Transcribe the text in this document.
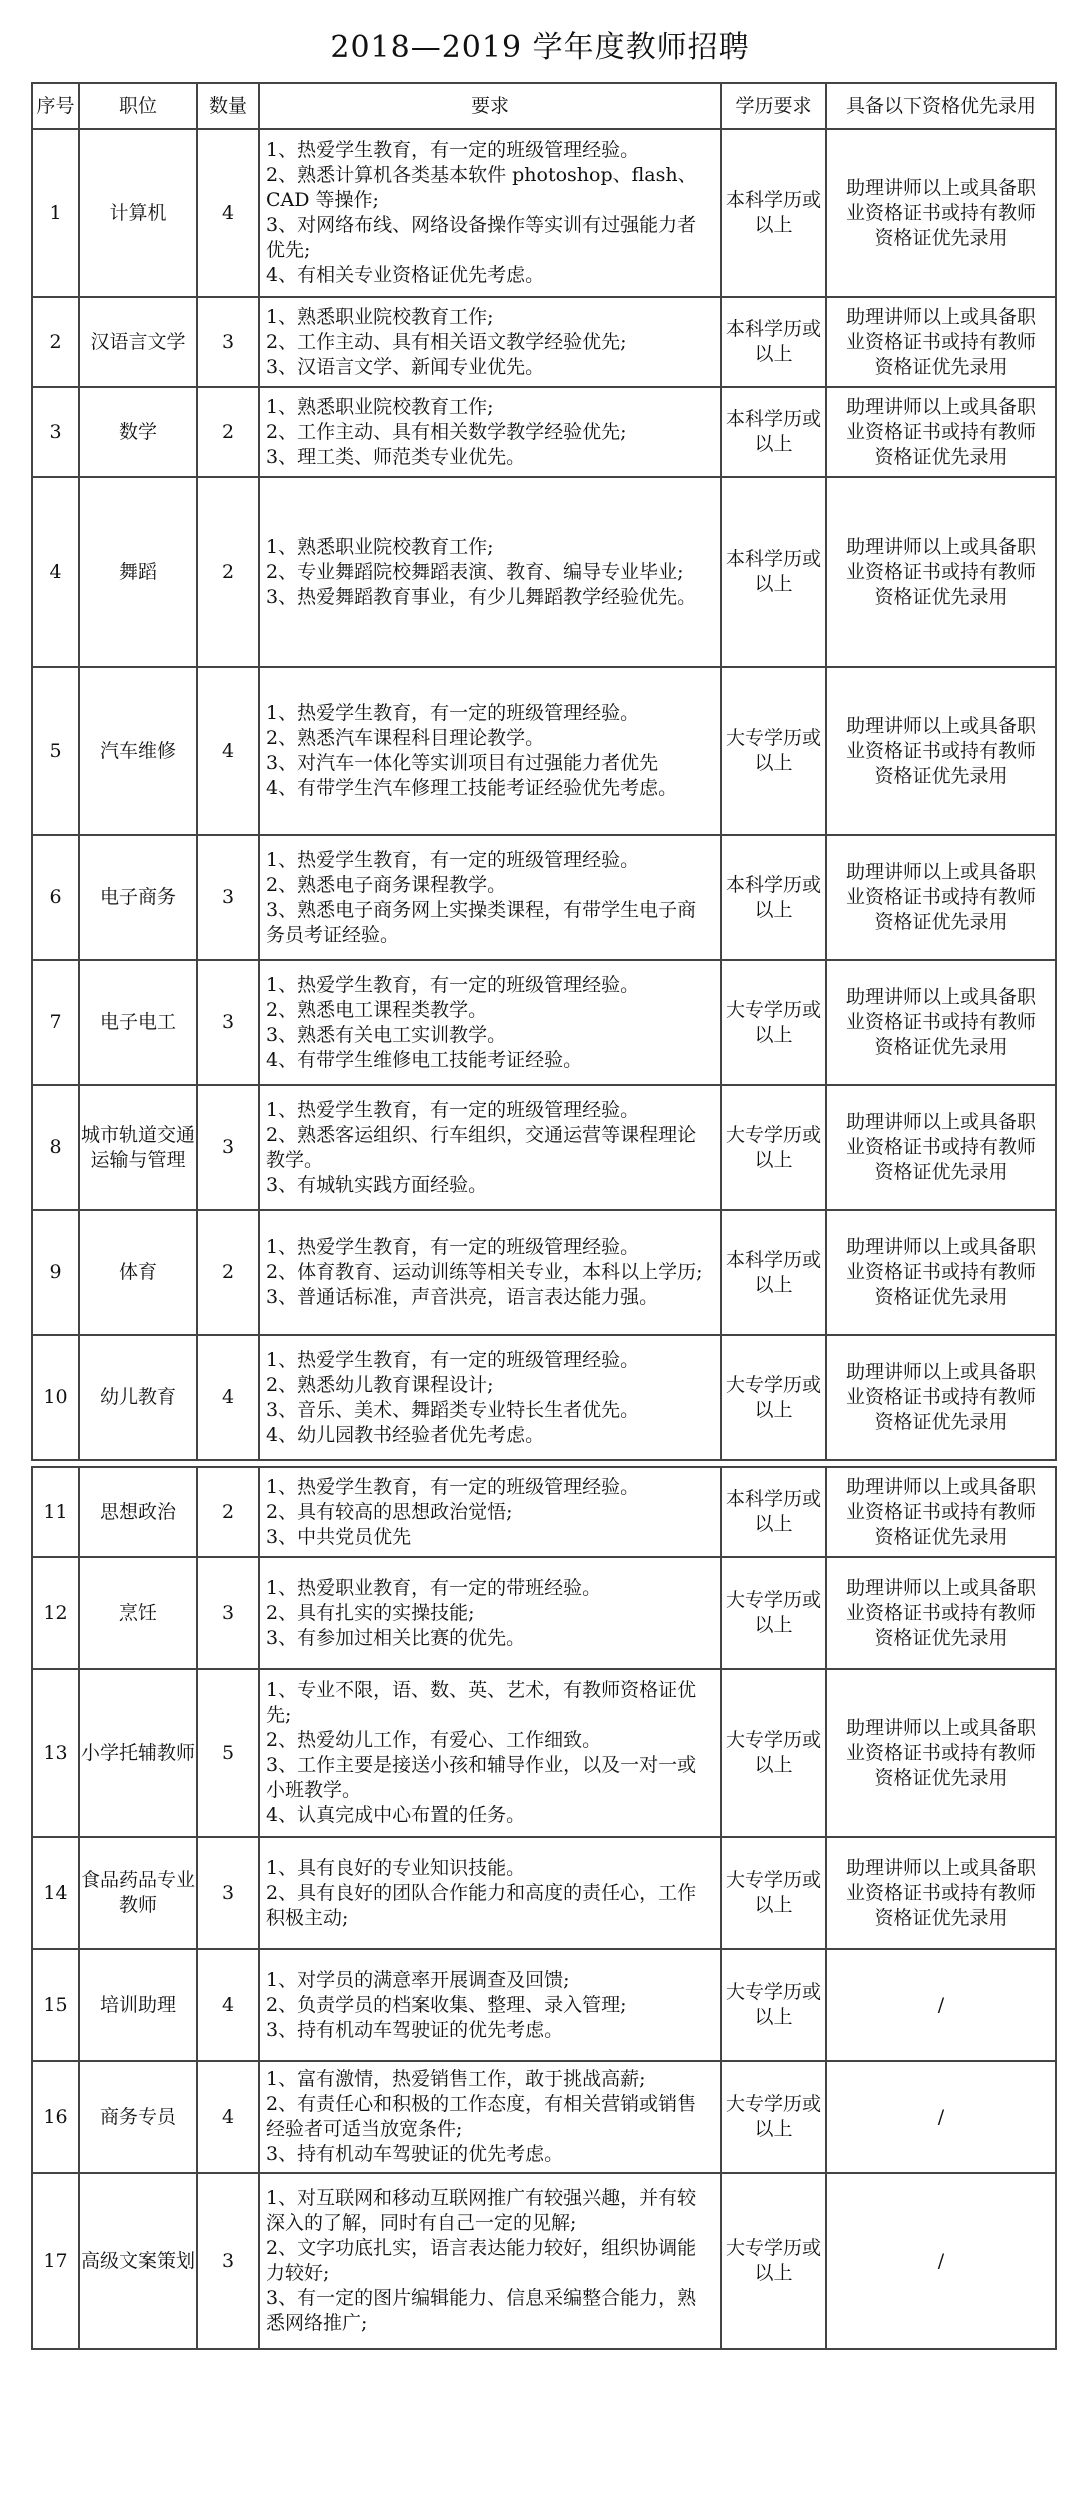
2018—2019 学年度教师招聘
序号	职位	数量	要求	学历要求	具备以下资格优先录用
1	计算机	4	1、热爱学生教育，有一定的班级管理经验。
2、熟悉计算机各类基本软件 photoshop、flash、CAD 等操作;
3、对网络布线、网络设备操作等实训有过强能力者优先;
4、有相关专业资格证优先考虑。	本科学历或以上	助理讲师以上或具备职业资格证书或持有教师资格证优先录用
2	汉语言文学	3	1、熟悉职业院校教育工作;
2、工作主动、具有相关语文教学经验优先;
3、汉语言文学、新闻专业优先。	本科学历或以上	助理讲师以上或具备职业资格证书或持有教师资格证优先录用
3	数学	2	1、熟悉职业院校教育工作;
2、工作主动、具有相关数学教学经验优先;
3、理工类、师范类专业优先。	本科学历或以上	助理讲师以上或具备职业资格证书或持有教师资格证优先录用
4	舞蹈	2	1、熟悉职业院校教育工作;
2、专业舞蹈院校舞蹈表演、教育、编导专业毕业;
3、热爱舞蹈教育事业，有少儿舞蹈教学经验优先。	本科学历或以上	助理讲师以上或具备职业资格证书或持有教师资格证优先录用
5	汽车维修	4	1、热爱学生教育，有一定的班级管理经验。
2、熟悉汽车课程科目理论教学。
3、对汽车一体化等实训项目有过强能力者优先
4、有带学生汽车修理工技能考证经验优先考虑。	大专学历或以上	助理讲师以上或具备职业资格证书或持有教师资格证优先录用
6	电子商务	3	1、热爱学生教育，有一定的班级管理经验。
2、熟悉电子商务课程教学。
3、熟悉电子商务网上实操类课程，有带学生电子商务员考证经验。	本科学历或以上	助理讲师以上或具备职业资格证书或持有教师资格证优先录用
7	电子电工	3	1、热爱学生教育，有一定的班级管理经验。
2、熟悉电工课程类教学。
3、熟悉有关电工实训教学。
4、有带学生维修电工技能考证经验。	大专学历或以上	助理讲师以上或具备职业资格证书或持有教师资格证优先录用
8	城市轨道交通运输与管理	3	1、热爱学生教育，有一定的班级管理经验。
2、熟悉客运组织、行车组织，交通运营等课程理论教学。
3、有城轨实践方面经验。	大专学历或以上	助理讲师以上或具备职业资格证书或持有教师资格证优先录用
9	体育	2	1、热爱学生教育，有一定的班级管理经验。
2、体育教育、运动训练等相关专业，本科以上学历;
3、普通话标准，声音洪亮，语言表达能力强。	本科学历或以上	助理讲师以上或具备职业资格证书或持有教师资格证优先录用
10	幼儿教育	4	1、热爱学生教育，有一定的班级管理经验。
2、熟悉幼儿教育课程设计;
3、音乐、美术、舞蹈类专业特长生者优先。
4、幼儿园教书经验者优先考虑。	大专学历或以上	助理讲师以上或具备职业资格证书或持有教师资格证优先录用
11	思想政治	2	1、热爱学生教育，有一定的班级管理经验。
2、具有较高的思想政治觉悟;
3、中共党员优先	本科学历或以上	助理讲师以上或具备职业资格证书或持有教师资格证优先录用
12	烹饪	3	1、热爱职业教育，有一定的带班经验。
2、具有扎实的实操技能;
3、有参加过相关比赛的优先。	大专学历或以上	助理讲师以上或具备职业资格证书或持有教师资格证优先录用
13	小学托辅教师	5	1、专业不限，语、数、英、艺术，有教师资格证优先;
2、热爱幼儿工作，有爱心、工作细致。
3、工作主要是接送小孩和辅导作业，以及一对一或小班教学。
4、认真完成中心布置的任务。	大专学历或以上	助理讲师以上或具备职业资格证书或持有教师资格证优先录用
14	食品药品专业教师	3	1、具有良好的专业知识技能。
2、具有良好的团队合作能力和高度的责任心，工作积极主动;	大专学历或以上	助理讲师以上或具备职业资格证书或持有教师资格证优先录用
15	培训助理	4	1、对学员的满意率开展调查及回馈;
2、负责学员的档案收集、整理、录入管理;
3、持有机动车驾驶证的优先考虑。	大专学历或以上	/
16	商务专员	4	1、富有激情，热爱销售工作，敢于挑战高薪;
2、有责任心和积极的工作态度，有相关营销或销售经验者可适当放宽条件;
3、持有机动车驾驶证的优先考虑。	大专学历或以上	/
17	高级文案策划	3	1、对互联网和移动互联网推广有较强兴趣，并有较深入的了解，同时有自己一定的见解;
2、文字功底扎实，语言表达能力较好，组织协调能力较好;
3、有一定的图片编辑能力、信息采编整合能力，熟悉网络推广;	大专学历或以上	/
